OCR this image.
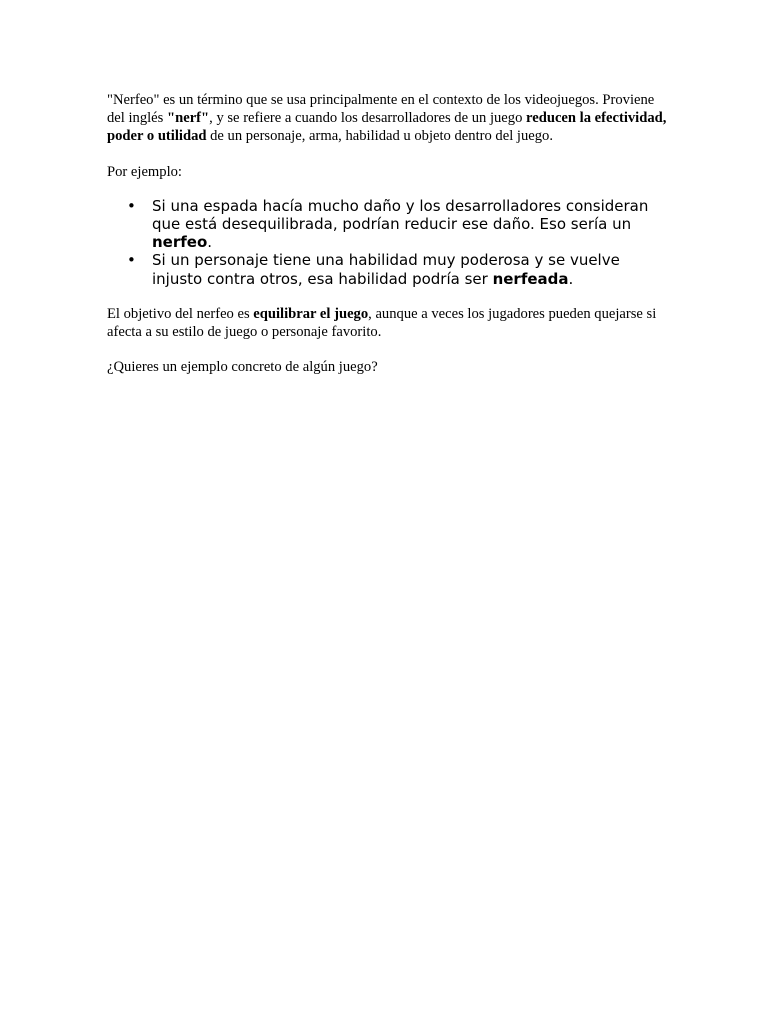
"Nerfeo" es un término que se usa principalmente en el contexto de los videojuegos. Proviene del inglés "nerf", y se refiere a cuando los desarrolladores de un juego reducen la efectividad, poder o utilidad de un personaje, arma, habilidad u objeto dentro del juego.

Por ejemplo:

• Si una espada hacía mucho daño y los desarrolladores consideran que está desequilibrada, podrían reducir ese daño. Eso sería un nerfeo.
• Si un personaje tiene una habilidad muy poderosa y se vuelve injusto contra otros, esa habilidad podría ser nerfeada.

El objetivo del nerfeo es equilibrar el juego, aunque a veces los jugadores pueden quejarse si afecta a su estilo de juego o personaje favorito.

¿Quieres un ejemplo concreto de algún juego?
